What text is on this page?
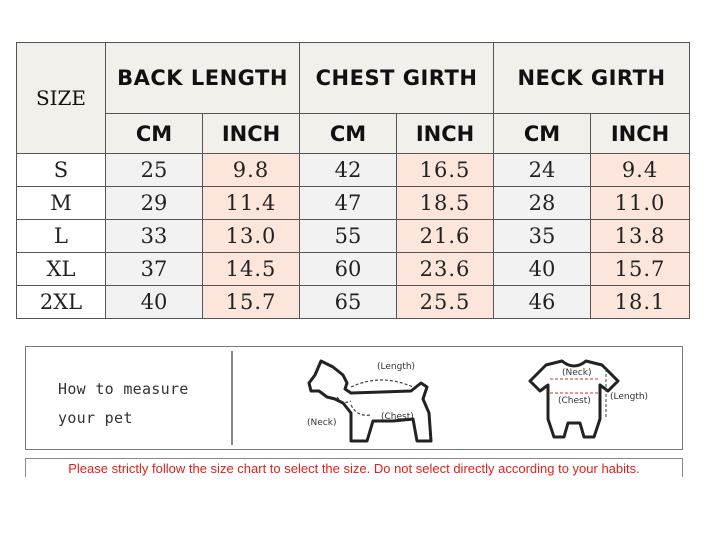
SIZE	BACK LENGTH		CHEST GIRTH		NECK GIRTH	
	CM	INCH	CM	INCH	CM	INCH
S	25	9.8	42	16.5	24	9.4
M	29	11.4	47	18.5	28	11.0
L	33	13.0	55	21.6	35	13.8
XL	37	14.5	60	23.6	40	15.7
2XL	40	15.7	65	25.5	46	18.1
How to measure
your pet
(Length)
(Neck)
(Chest)
(Neck)
(Chest) (Length)
Please strictly follow the size chart to select the size. Do not select directly according to your habits.
